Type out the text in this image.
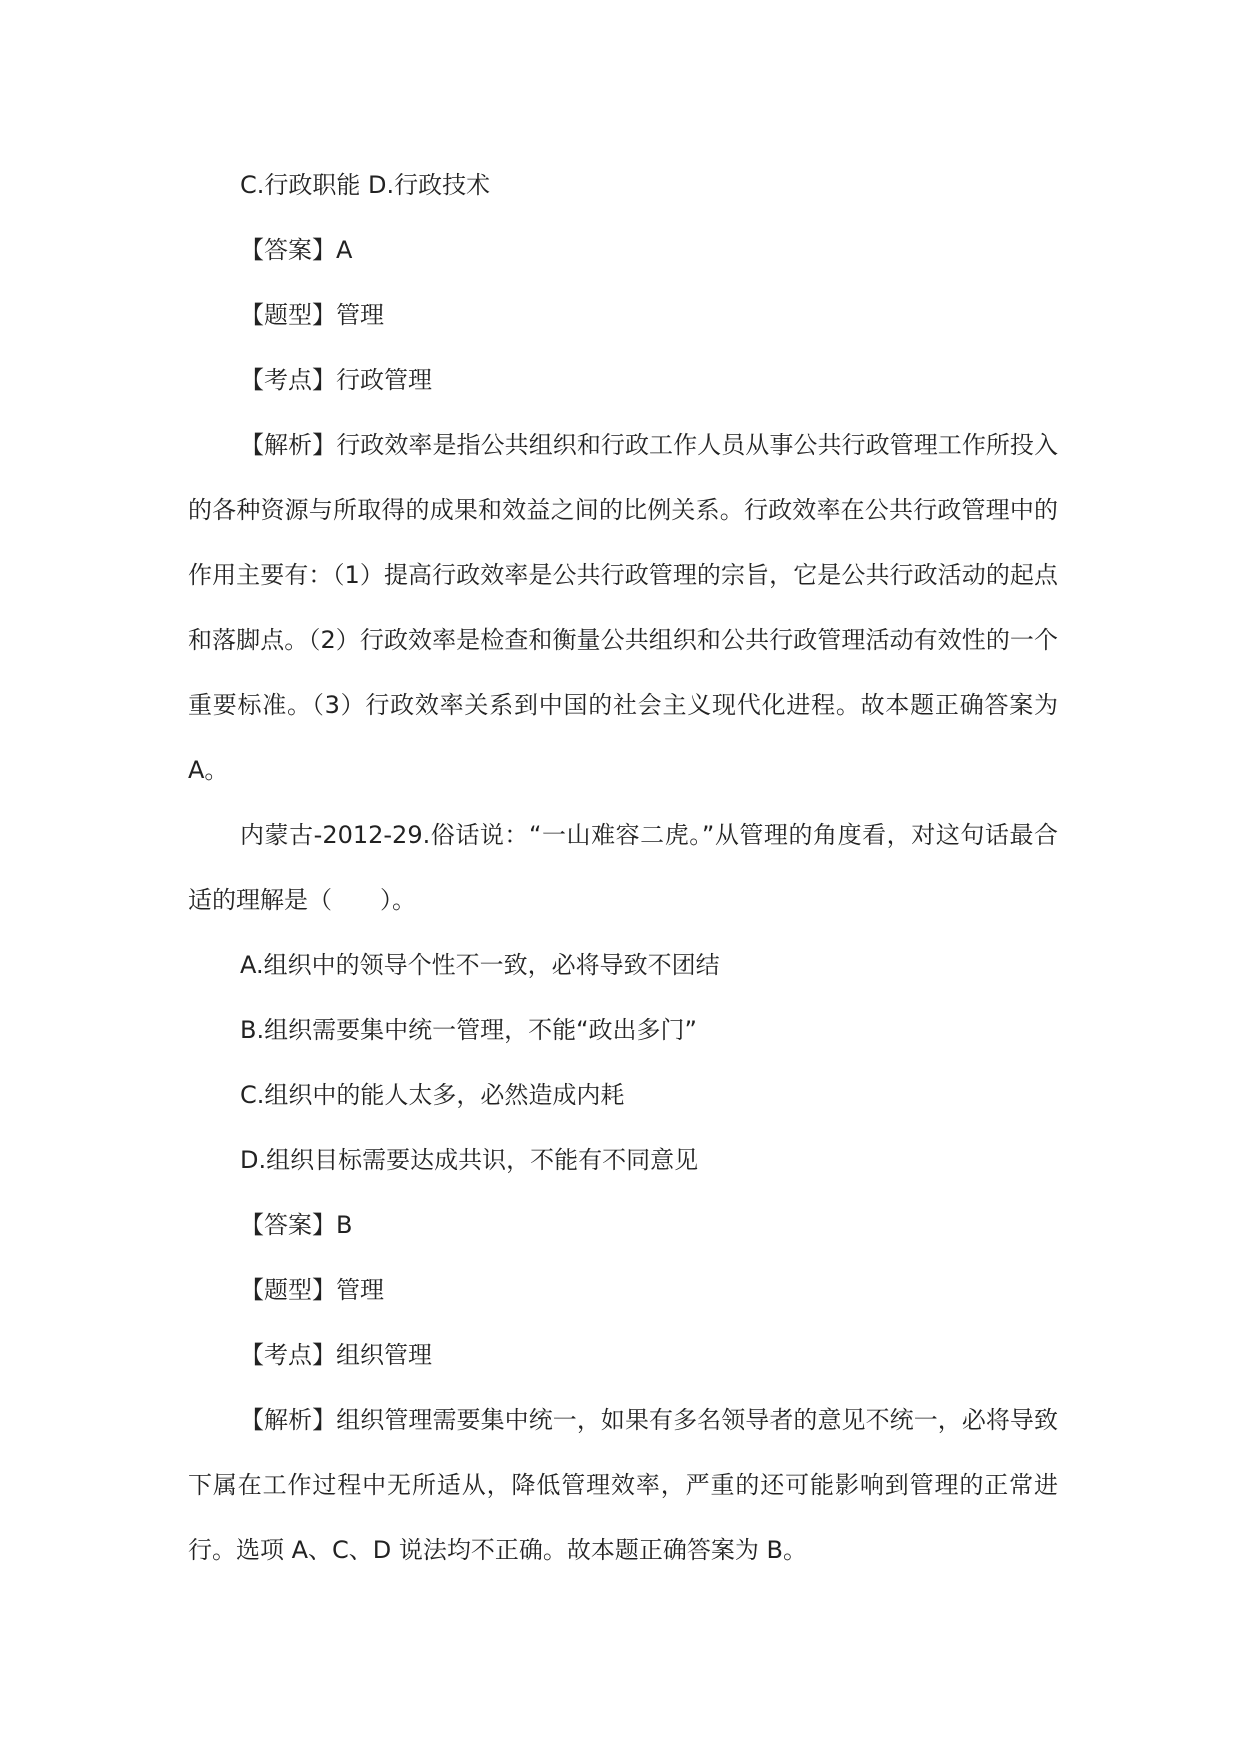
C.行政职能 D.行政技术

【答案】A

【题型】管理

【考点】行政管理

【解析】行政效率是指公共组织和行政工作人员从事公共行政管理工作所投入的各种资源与所取得的成果和效益之间的比例关系。行政效率在公共行政管理中的作用主要有：（1）提高行政效率是公共行政管理的宗旨，它是公共行政活动的起点和落脚点。（2）行政效率是检查和衡量公共组织和公共行政管理活动有效性的一个重要标准。（3）行政效率关系到中国的社会主义现代化进程。故本题正确答案为 A。

内蒙古-2012-29.俗话说：“一山难容二虎。”从管理的角度看，对这句话最合适的理解是（　　）。

A.组织中的领导个性不一致，必将导致不团结

B.组织需要集中统一管理，不能“政出多门”

C.组织中的能人太多，必然造成内耗

D.组织目标需要达成共识，不能有不同意见

【答案】B

【题型】管理

【考点】组织管理

【解析】组织管理需要集中统一，如果有多名领导者的意见不统一，必将导致下属在工作过程中无所适从，降低管理效率，严重的还可能影响到管理的正常进行。选项 A、C、D 说法均不正确。故本题正确答案为 B。
